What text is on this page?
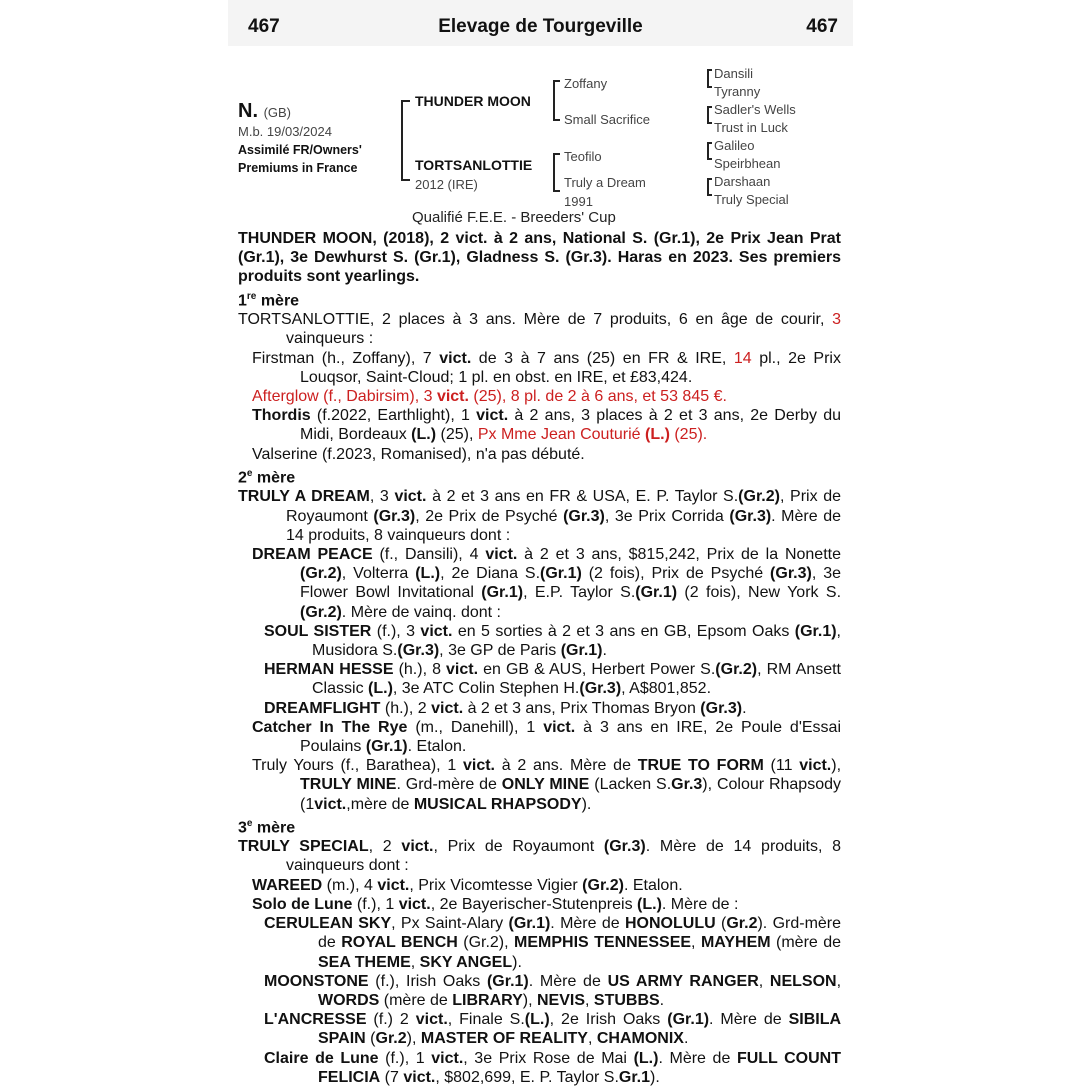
Elevage de Tourgeville
467	467
N. (GB)
M.b. 19/03/2024
Assimilé FR/Owners'
Premiums in France
THUNDER MOON
TORTSANLOTTIE
2012 (IRE)
Zoffany
Small Sacrifice
Teofilo
Truly a Dream
1991
Dansili
Tyranny
Sadler's Wells
Trust in Luck
Galileo
Speirbhean
Darshaan
Truly Special
Qualifié F.E.E. - Breeders' Cup

THUNDER MOON, (2018), 2 vict. à 2 ans, National S. (Gr.1), 2e Prix Jean Prat (Gr.1), 3e Dewhurst S. (Gr.1), Gladness S. (Gr.3). Haras en 2023. Ses premiers produits sont yearlings.

1re mère

TORTSANLOTTIE, 2 places à 3 ans. Mère de 7 produits, 6 en âge de courir, 3 vainqueurs :

Firstman (h., Zoffany), 7 vict. de 3 à 7 ans (25) en FR & IRE, 14 pl., 2e Prix Louqsor, Saint-Cloud; 1 pl. en obst. en IRE, et £83,424.

Afterglow (f., Dabirsim), 3 vict. (25), 8 pl. de 2 à 6 ans, et 53 845 €.

Thordis (f.2022, Earthlight), 1 vict. à 2 ans, 3 places à 2 et 3 ans, 2e Derby du Midi, Bordeaux (L.) (25), Px Mme Jean Couturié (L.) (25).

Valserine (f.2023, Romanised), n'a pas débuté.

2e mère

TRULY A DREAM, 3 vict. à 2 et 3 ans en FR & USA, E. P. Taylor S.(Gr.2), Prix de Royaumont (Gr.3), 2e Prix de Psyché (Gr.3), 3e Prix Corrida (Gr.3). Mère de 14 produits, 8 vainqueurs dont :

DREAM PEACE (f., Dansili), 4 vict. à 2 et 3 ans, $815,242, Prix de la Nonette (Gr.2), Volterra (L.), 2e Diana S.(Gr.1) (2 fois), Prix de Psyché (Gr.3), 3e Flower Bowl Invitational (Gr.1), E.P. Taylor S.(Gr.1) (2 fois), New York S.(Gr.2). Mère de vainq. dont :

SOUL SISTER (f.), 3 vict. en 5 sorties à 2 et 3 ans en GB, Epsom Oaks (Gr.1), Musidora S.(Gr.3), 3e GP de Paris (Gr.1).

HERMAN HESSE (h.), 8 vict. en GB & AUS, Herbert Power S.(Gr.2), RM Ansett Classic (L.), 3e ATC Colin Stephen H.(Gr.3), A$801,852.

DREAMFLIGHT (h.), 2 vict. à 2 et 3 ans, Prix Thomas Bryon (Gr.3).

Catcher In The Rye (m., Danehill), 1 vict. à 3 ans en IRE, 2e Poule d'Essai Poulains (Gr.1). Etalon.

Truly Yours (f., Barathea), 1 vict. à 2 ans. Mère de TRUE TO FORM (11 vict.), TRULY MINE. Grd-mère de ONLY MINE (Lacken S.Gr.3), Colour Rhapsody (1vict.,mère de MUSICAL RHAPSODY).

3e mère

TRULY SPECIAL, 2 vict., Prix de Royaumont (Gr.3). Mère de 14 produits, 8 vainqueurs dont :

WAREED (m.), 4 vict., Prix Vicomtesse Vigier (Gr.2). Etalon.

Solo de Lune (f.), 1 vict., 2e Bayerischer-Stutenpreis (L.). Mère de :

CERULEAN SKY, Px Saint-Alary (Gr.1). Mère de HONOLULU (Gr.2). Grd-mère de ROYAL BENCH (Gr.2), MEMPHIS TENNESSEE, MAYHEM (mère de SEA THEME, SKY ANGEL).

MOONSTONE (f.), Irish Oaks (Gr.1). Mère de US ARMY RANGER, NELSON, WORDS (mère de LIBRARY), NEVIS, STUBBS.

L'ANCRESSE (f.) 2 vict., Finale S.(L.), 2e Irish Oaks (Gr.1). Mère de SIBILA SPAIN (Gr.2), MASTER OF REALITY, CHAMONIX.

Claire de Lune (f.), 1 vict., 3e Prix Rose de Mai (L.). Mère de FULL COUNT FELICIA (7 vict., $802,699, E. P. Taylor S.Gr.1).
